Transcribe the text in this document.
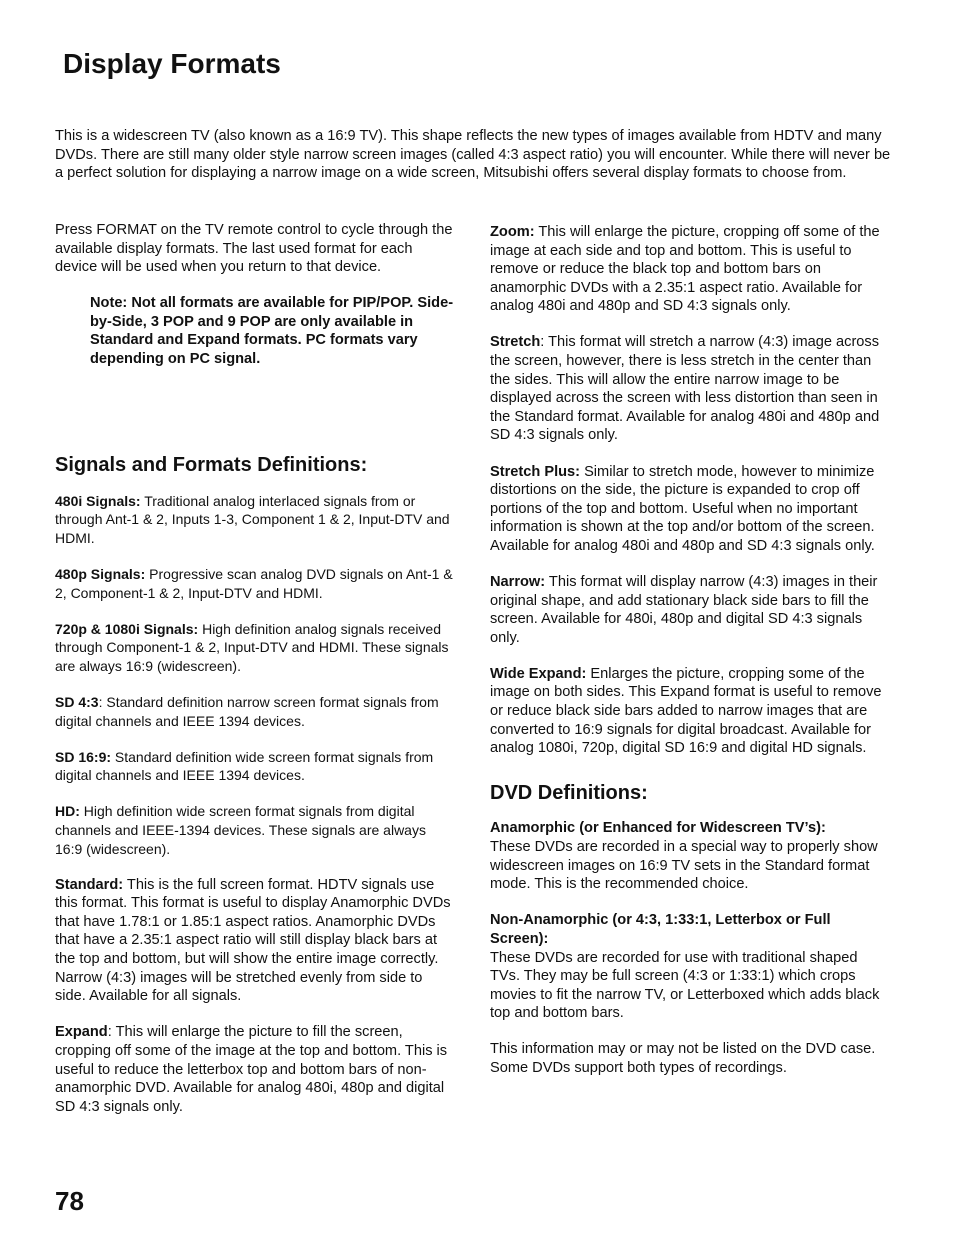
Display Formats

This is a widescreen TV (also known as a 16:9 TV). This shape reflects the new types of images available from HDTV and many DVDs. There are still many older style narrow screen images (called 4:3 aspect ratio) you will encounter. While there will never be a perfect solution for displaying a narrow image on a wide screen, Mitsubishi offers several display formats to choose from.

Press FORMAT on the TV remote control to cycle through the available display formats. The last used format for each device will be used when you return to that device.

Note: Not all formats are available for PIP/POP. Side-by-Side, 3 POP and 9 POP are only available in Standard and Expand formats. PC formats vary depending on PC signal.

Signals and Formats Definitions:

480i Signals: Traditional analog interlaced signals from or through Ant-1 & 2, Inputs 1-3, Component 1 & 2, Input-DTV and HDMI.

480p Signals: Progressive scan analog DVD signals on Ant-1 & 2, Component-1 & 2, Input-DTV and HDMI.

720p & 1080i Signals: High definition analog signals received through Component-1 & 2, Input-DTV and HDMI. These signals are always 16:9 (widescreen).

SD 4:3: Standard definition narrow screen format signals from digital channels and IEEE 1394 devices.

SD 16:9: Standard definition wide screen format signals from digital channels and IEEE 1394 devices.

HD: High definition wide screen format signals from digital channels and IEEE-1394 devices. These signals are always 16:9 (widescreen).

Standard: This is the full screen format. HDTV signals use this format. This format is useful to display Anamorphic DVDs that have 1.78:1 or 1.85:1 aspect ratios. Anamorphic DVDs that have a 2.35:1 aspect ratio will still display black bars at the top and bottom, but will show the entire image correctly. Narrow (4:3) images will be stretched evenly from side to side. Available for all signals.

Expand: This will enlarge the picture to fill the screen, cropping off some of the image at the top and bottom. This is useful to reduce the letterbox top and bottom bars of non-anamorphic DVD. Available for analog 480i, 480p and digital SD 4:3 signals only.

Zoom: This will enlarge the picture, cropping off some of the image at each side and top and bottom. This is useful to remove or reduce the black top and bottom bars on anamorphic DVDs with a 2.35:1 aspect ratio. Available for analog 480i and 480p and SD 4:3 signals only.

Stretch: This format will stretch a narrow (4:3) image across the screen, however, there is less stretch in the center than the sides. This will allow the entire narrow image to be displayed across the screen with less distortion than seen in the Standard format. Available for analog 480i and 480p and SD 4:3 signals only.

Stretch Plus: Similar to stretch mode, however to minimize distortions on the side, the picture is expanded to crop off portions of the top and bottom. Useful when no important information is shown at the top and/or bottom of the screen. Available for analog 480i and 480p and SD 4:3 signals only.

Narrow: This format will display narrow (4:3) images in their original shape, and add stationary black side bars to fill the screen. Available for 480i, 480p and digital SD 4:3 signals only.

Wide Expand: Enlarges the picture, cropping some of the image on both sides. This Expand format is useful to remove or reduce black side bars added to narrow images that are converted to 16:9 signals for digital broadcast. Available for analog 1080i, 720p, digital SD 16:9 and digital HD signals.

DVD Definitions:

Anamorphic (or Enhanced for Widescreen TV’s):
These DVDs are recorded in a special way to properly show widescreen images on 16:9 TV sets in the Standard format mode. This is the recommended choice.

Non-Anamorphic (or 4:3, 1:33:1, Letterbox or Full Screen):
These DVDs are recorded for use with traditional shaped TVs. They may be full screen (4:3 or 1:33:1) which crops movies to fit the narrow TV, or Letterboxed which adds black top and bottom bars.

This information may or may not be listed on the DVD case. Some DVDs support both types of recordings.

78
